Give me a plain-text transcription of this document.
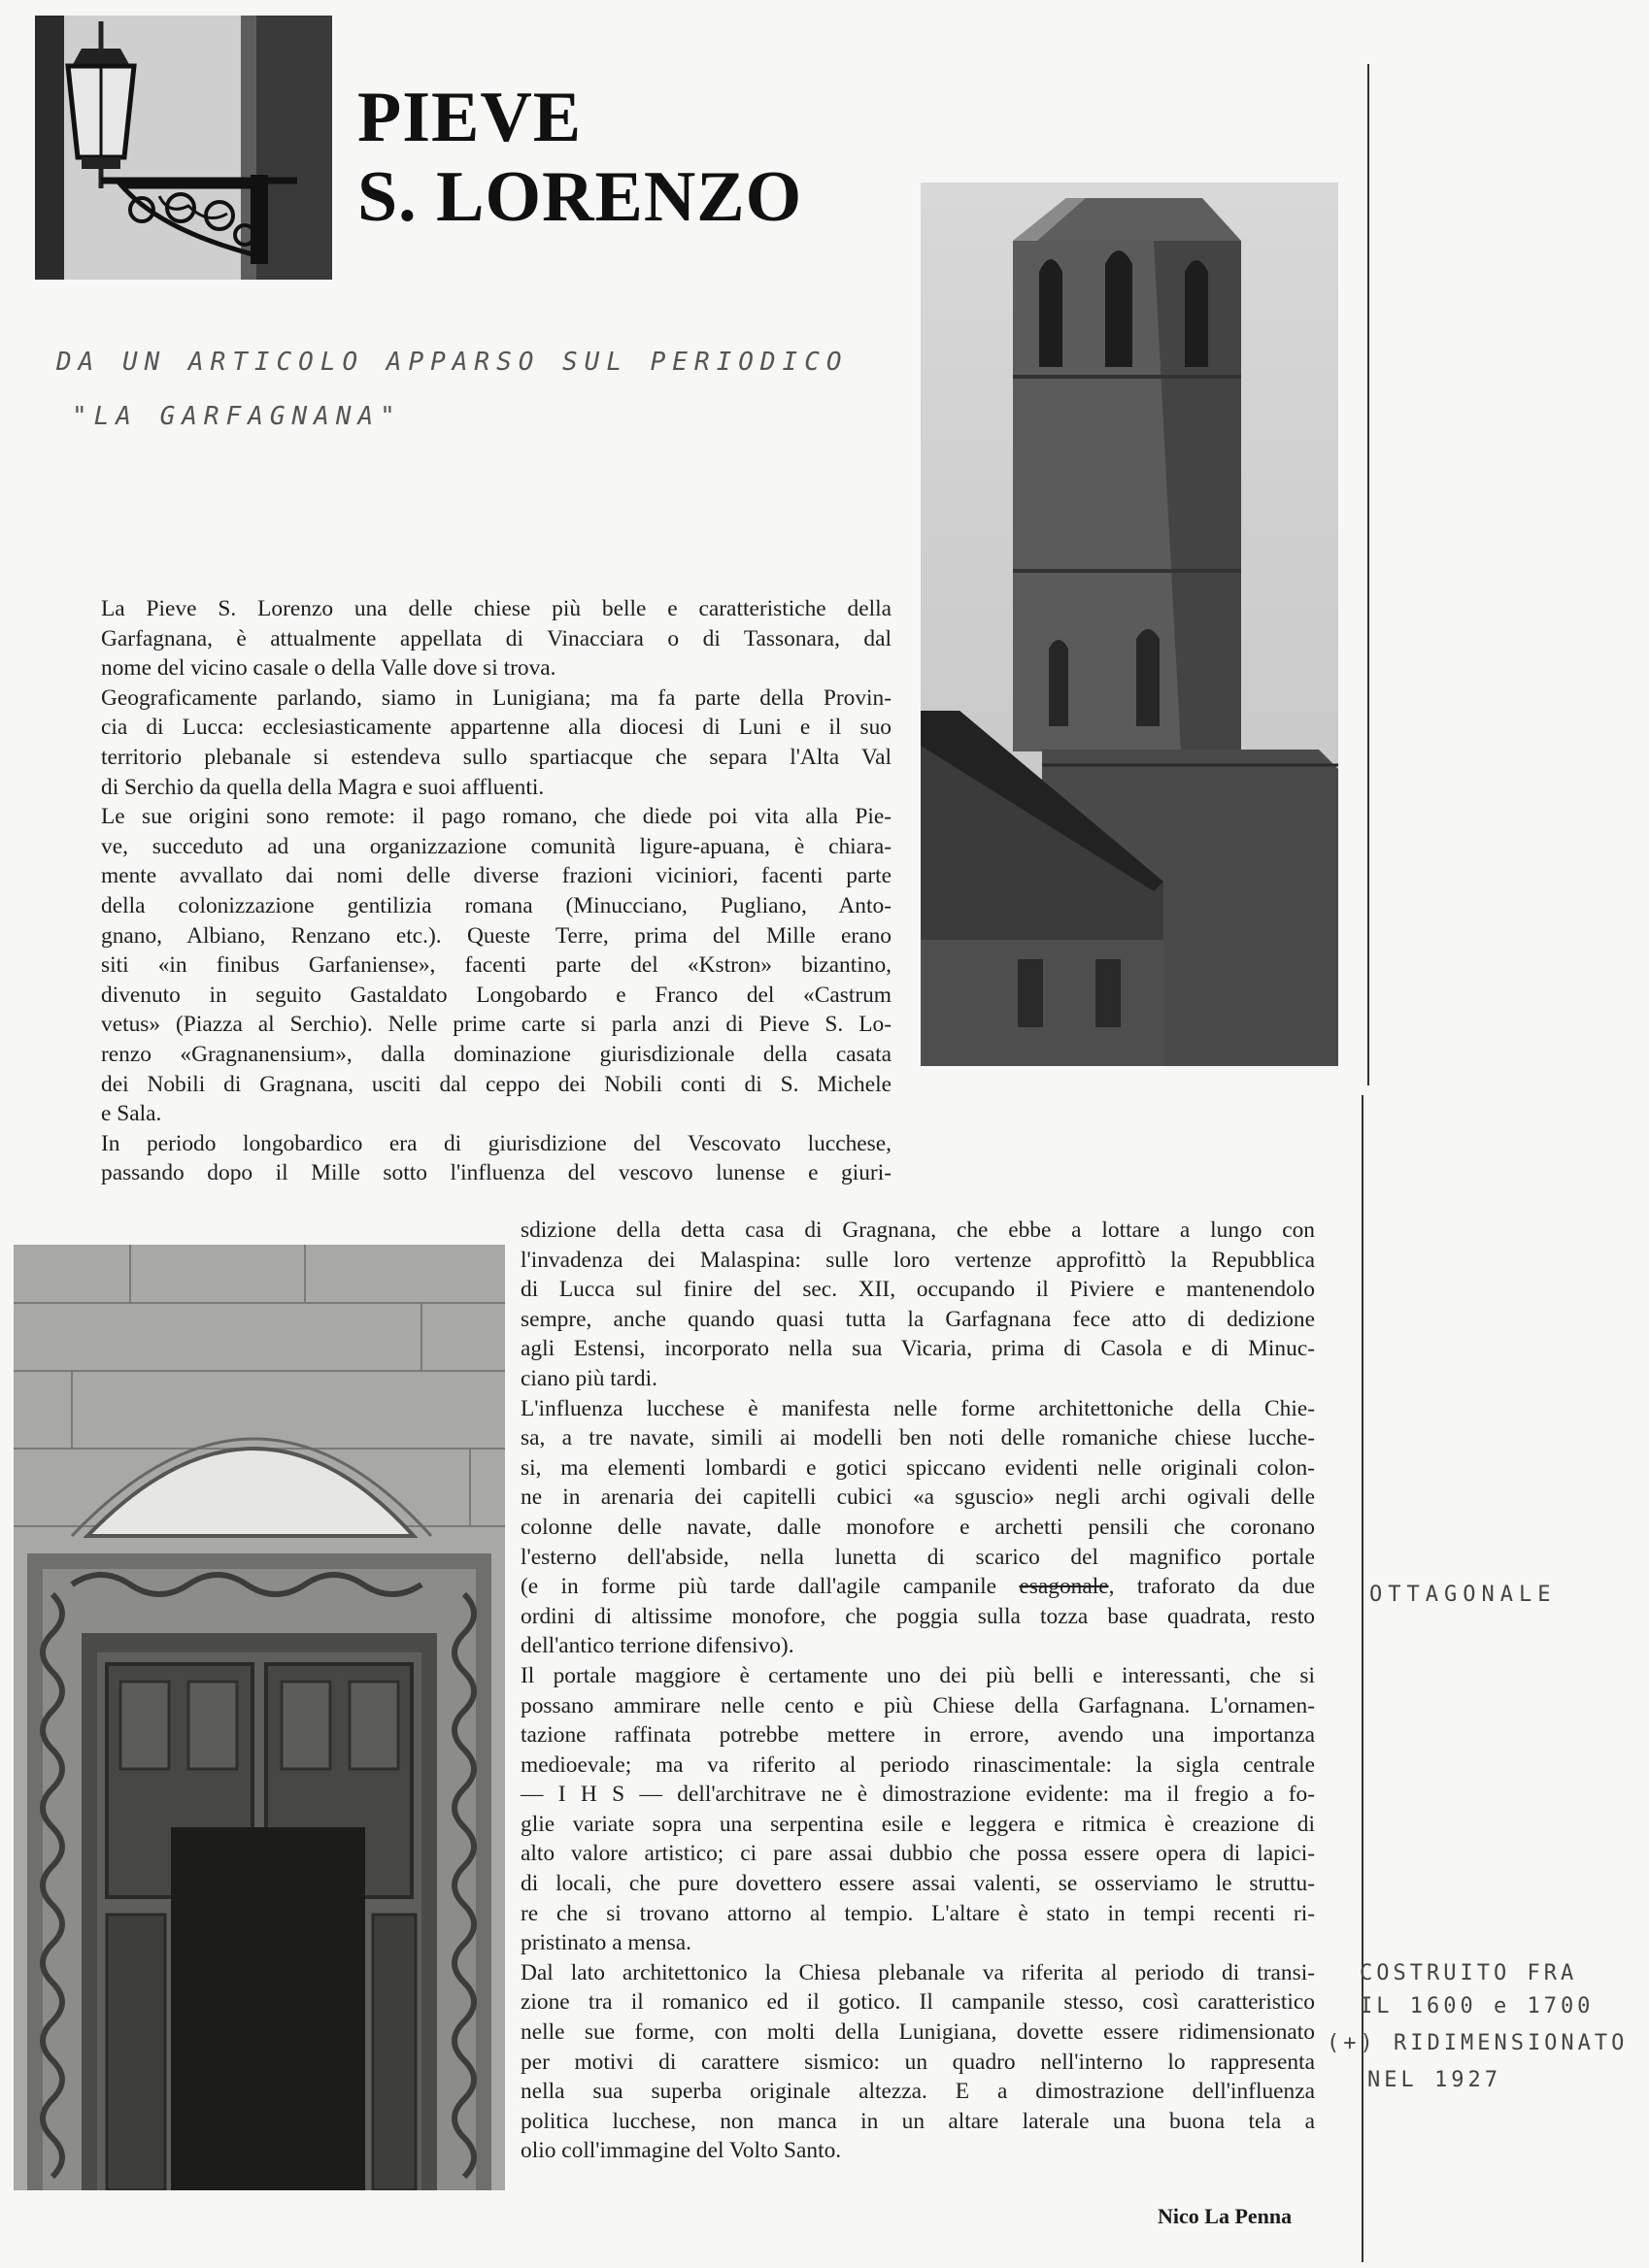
PIEVE
S. LORENZO
DA UN ARTICOLO APPARSO SUL PERIODICO
"LA GARFAGNANA"
La Pieve S. Lorenzo una delle chiese più belle e caratteristiche della
Garfagnana, è attualmente appellata di Vinacciara o di Tassonara, dal
nome del vicino casale o della Valle dove si trova.
Geograficamente parlando, siamo in Lunigiana; ma fa parte della Provin-
cia di Lucca: ecclesiasticamente appartenne alla diocesi di Luni e il suo
territorio plebanale si estendeva sullo spartiacque che separa l'Alta Val
di Serchio da quella della Magra e suoi affluenti.
Le sue origini sono remote: il pago romano, che diede poi vita alla Pie-
ve, succeduto ad una organizzazione comunità ligure-apuana, è chiara-
mente avvallato dai nomi delle diverse frazioni viciniori, facenti parte
della colonizzazione gentilizia romana (Minucciano, Pugliano, Anto-
gnano, Albiano, Renzano etc.). Queste Terre, prima del Mille erano
siti «in finibus Garfaniense», facenti parte del «Kstron» bizantino,
divenuto in seguito Gastaldato Longobardo e Franco del «Castrum
vetus» (Piazza al Serchio). Nelle prime carte si parla anzi di Pieve S. Lo-
renzo «Gragnanensium», dalla dominazione giurisdizionale della casata
dei Nobili di Gragnana, usciti dal ceppo dei Nobili conti di S. Michele
e Sala.
In periodo longobardico era di giurisdizione del Vescovato lucchese,
passando dopo il Mille sotto l'influenza del vescovo lunense e giuri-
sdizione della detta casa di Gragnana, che ebbe a lottare a lungo con
l'invadenza dei Malaspina: sulle loro vertenze approfittò la Repubblica
di Lucca sul finire del sec. XII, occupando il Piviere e mantenendolo
sempre, anche quando quasi tutta la Garfagnana fece atto di dedizione
agli Estensi, incorporato nella sua Vicaria, prima di Casola e di Minuc-
ciano più tardi.
L'influenza lucchese è manifesta nelle forme architettoniche della Chie-
sa, a tre navate, simili ai modelli ben noti delle romaniche chiese lucche-
si, ma elementi lombardi e gotici spiccano evidenti nelle originali colon-
ne in arenaria dei capitelli cubici «a sguscio» negli archi ogivali delle
colonne delle navate, dalle monofore e archetti pensili che coronano
l'esterno dell'abside, nella lunetta di scarico del magnifico portale
(e in forme più tarde dall'agile campanile esagonale, traforato da due
ordini di altissime monofore, che poggia sulla tozza base quadrata, resto
dell'antico terrione difensivo).
Il portale maggiore è certamente uno dei più belli e interessanti, che si
possano ammirare nelle cento e più Chiese della Garfagnana. L'ornamen-
tazione raffinata potrebbe mettere in errore, avendo una importanza
medioevale; ma va riferito al periodo rinascimentale: la sigla centrale
— I H S — dell'architrave ne è dimostrazione evidente: ma il fregio a fo-
glie variate sopra una serpentina esile e leggera e ritmica è creazione di
alto valore artistico; ci pare assai dubbio che possa essere opera di lapici-
di locali, che pure dovettero essere assai valenti, se osserviamo le struttu-
re che si trovano attorno al tempio. L'altare è stato in tempi recenti ri-
pristinato a mensa.
Dal lato architettonico la Chiesa plebanale va riferita al periodo di transi-
zione tra il romanico ed il gotico. Il campanile stesso, così caratteristico
nelle sue forme, con molti della Lunigiana, dovette essere ridimensionato
per motivi di carattere sismico: un quadro nell'interno lo rappresenta
nella sua superba originale altezza. E a dimostrazione dell'influenza
politica lucchese, non manca in un altare laterale una buona tela a
olio coll'immagine del Volto Santo.
OTTAGONALE
COSTRUITO FRA
IL 1600 e 1700
(+) RIDIMENSIONATO
NEL 1927
Nico La Penna
